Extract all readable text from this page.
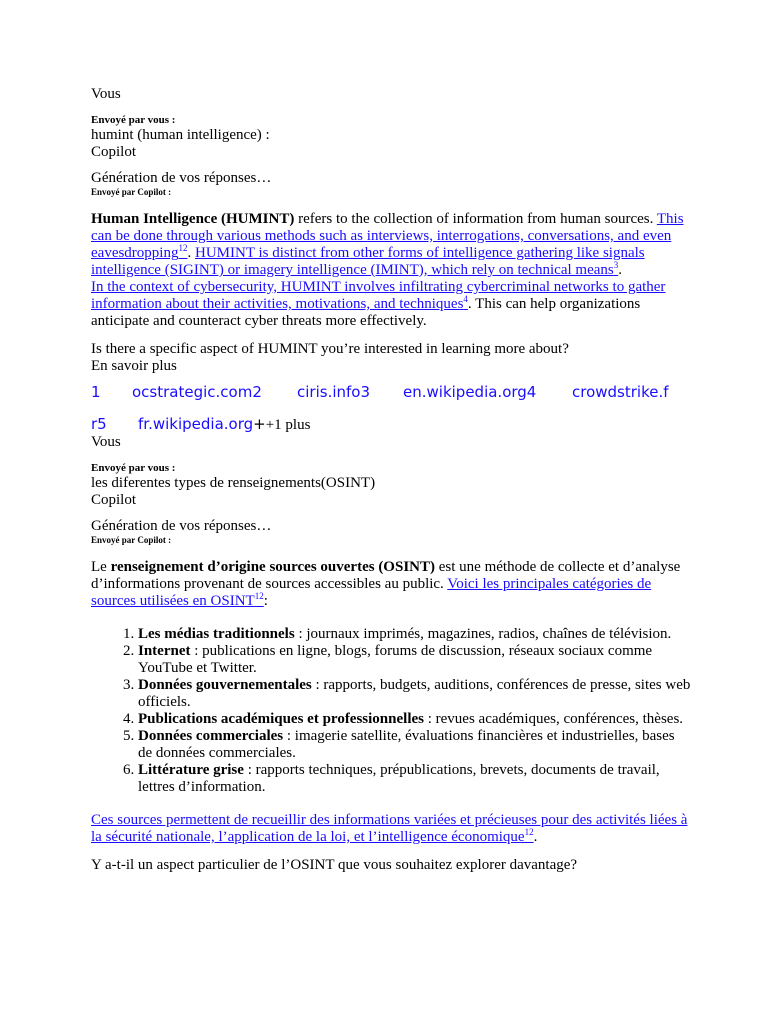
Vous

Envoyé par vous :

humint (human intelligence) :

Copilot

Génération de vos réponses…

Envoyé par Copilot :

Human Intelligence (HUMINT) refers to the collection of information from human sources. This can be done through various methods such as interviews, interrogations, conversations, and even eavesdropping$^{12}$. HUMINT is distinct from other forms of intelligence gathering like signals intelligence (SIGINT) or imagery intelligence (IMINT), which rely on technical means$^3$.
In the context of cybersecurity, HUMINT involves infiltrating cybercriminal networks to gather information about their activities, motivations, and techniques$^4$. This can help organizations anticipate and counteract cyber threats more effectively.

Is there a specific aspect of HUMINT you’re interested in learning more about?

En savoir plus

1 ocstrategic.com2 ciris.info3 en.wikipedia.org4 crowdstrike.f
r5 fr.wikipedia.org++1 plus

Vous

Envoyé par vous :

les diferentes types de renseignements(OSINT)

Copilot

Génération de vos réponses…

Envoyé par Copilot :

Le renseignement d’origine sources ouvertes (OSINT) est une méthode de collecte et d’analyse d’informations provenant de sources accessibles au public. Voici les principales catégories de sources utilisées en OSINT$^{12}$:

1. Les médias traditionnels : journaux imprimés, magazines, radios, chaînes de télévision.
2. Internet : publications en ligne, blogs, forums de discussion, réseaux sociaux comme YouTube et Twitter.
3. Données gouvernementales : rapports, budgets, auditions, conférences de presse, sites web officiels.
4. Publications académiques et professionnelles : revues académiques, conférences, thèses.
5. Données commerciales : imagerie satellite, évaluations financières et industrielles, bases de données commerciales.
6. Littérature grise : rapports techniques, prépublications, brevets, documents de travail, lettres d’information.

Ces sources permettent de recueillir des informations variées et précieuses pour des activités liées à la sécurité nationale, l’application de la loi, et l’intelligence économique$^{12}$.

Y a-t-il un aspect particulier de l’OSINT que vous souhaitez explorer davantage?
